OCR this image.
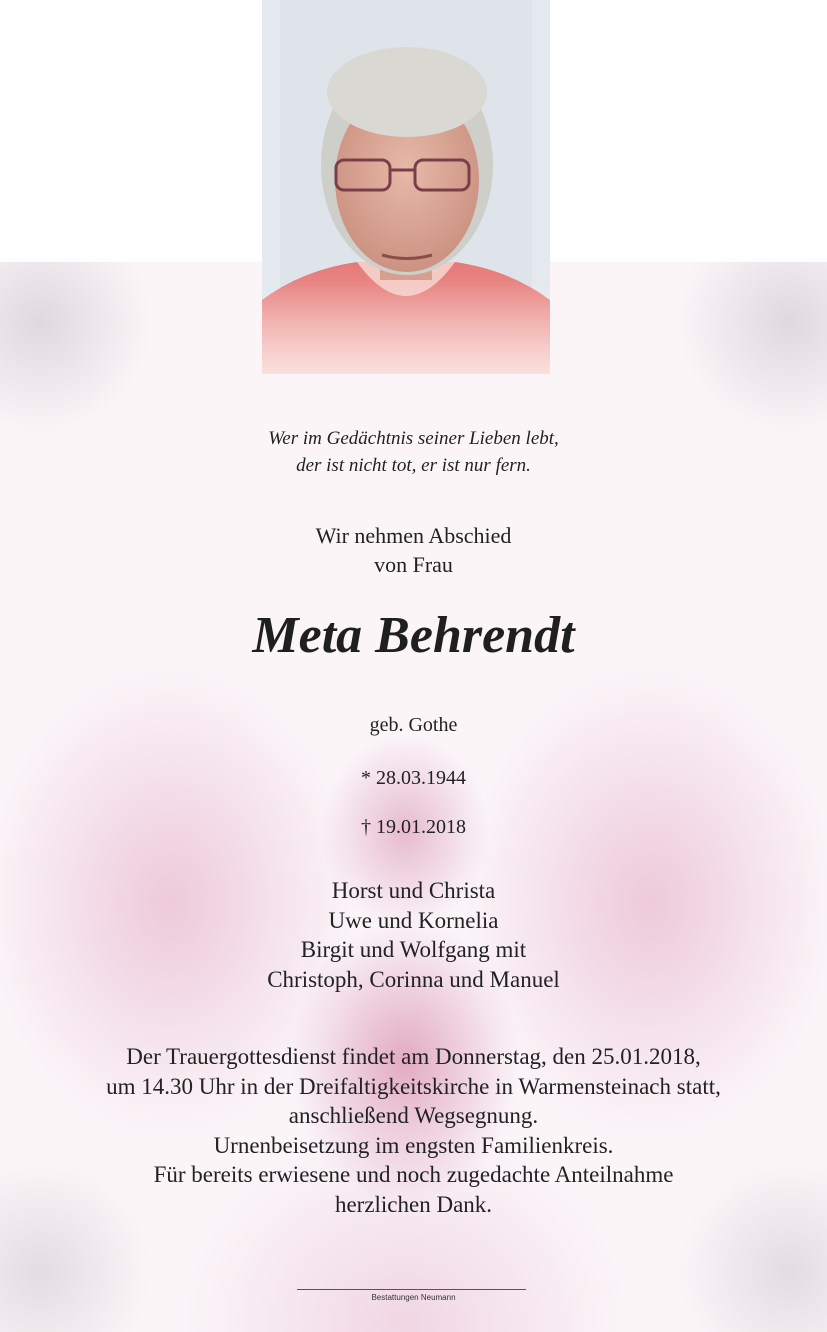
Wer im Gedächtnis seiner Lieben lebt,
der ist nicht tot, er ist nur fern.
Wir nehmen Abschied
von Frau
Meta Behrendt
geb. Gothe
* 28.03.1944
† 19.01.2018
Horst und Christa
Uwe und Kornelia
Birgit und Wolfgang mit
Christoph, Corinna und Manuel
Der Trauergottesdienst findet am Donnerstag, den 25.01.2018,
um 14.30 Uhr in der Dreifaltigkeitskirche in Warmensteinach statt,
anschließend Wegsegnung.
Urnenbeisetzung im engsten Familienkreis.
Für bereits erwiesene und noch zugedachte Anteilnahme
herzlichen Dank.
Bestattungen Neumann
